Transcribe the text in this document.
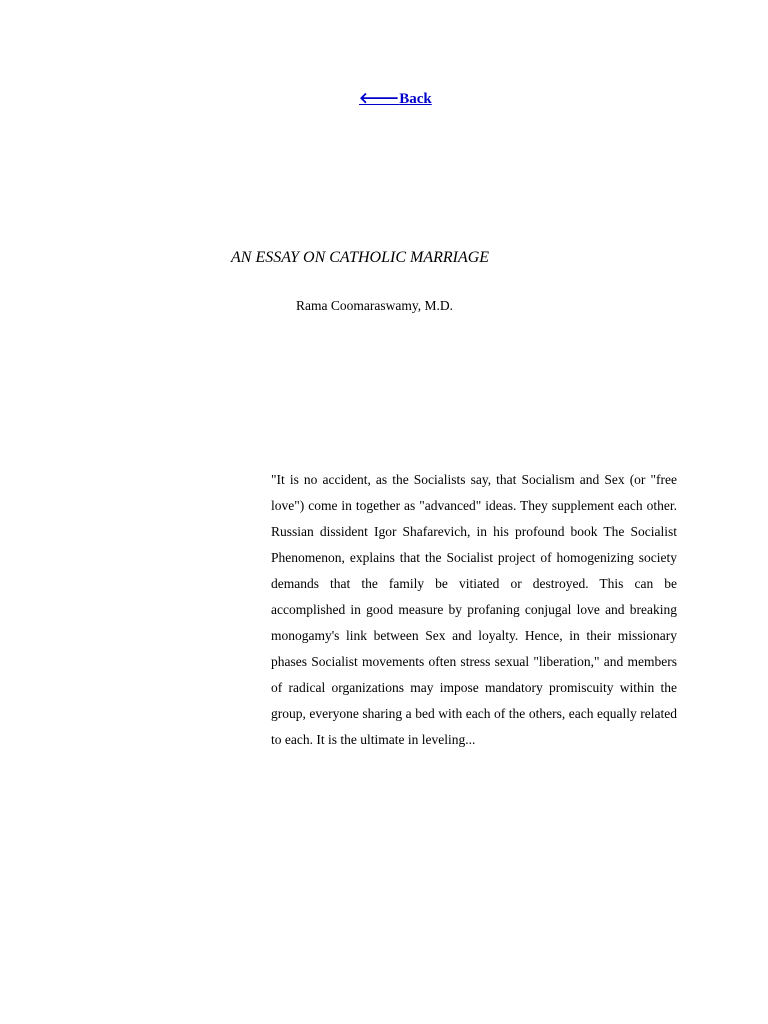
🡐Back
AN ESSAY ON CATHOLIC MARRIAGE

Rama Coomaraswamy, M.D.

"It is no accident, as the Socialists say, that Socialism and Sex (or "free love") come in together as "advanced" ideas. They supplement each other. Russian dissident Igor Shafarevich, in his profound book The Socialist Phenomenon, explains that the Socialist project of homogenizing society demands that the family be vitiated or destroyed. This can be accomplished in good measure by profaning conjugal love and breaking monogamy's link between Sex and loyalty. Hence, in their missionary phases Socialist movements often stress sexual "liberation," and members of radical organizations may impose mandatory promiscuity within the group, everyone sharing a bed with each of the others, each equally related to each. It is the ultimate in leveling...
